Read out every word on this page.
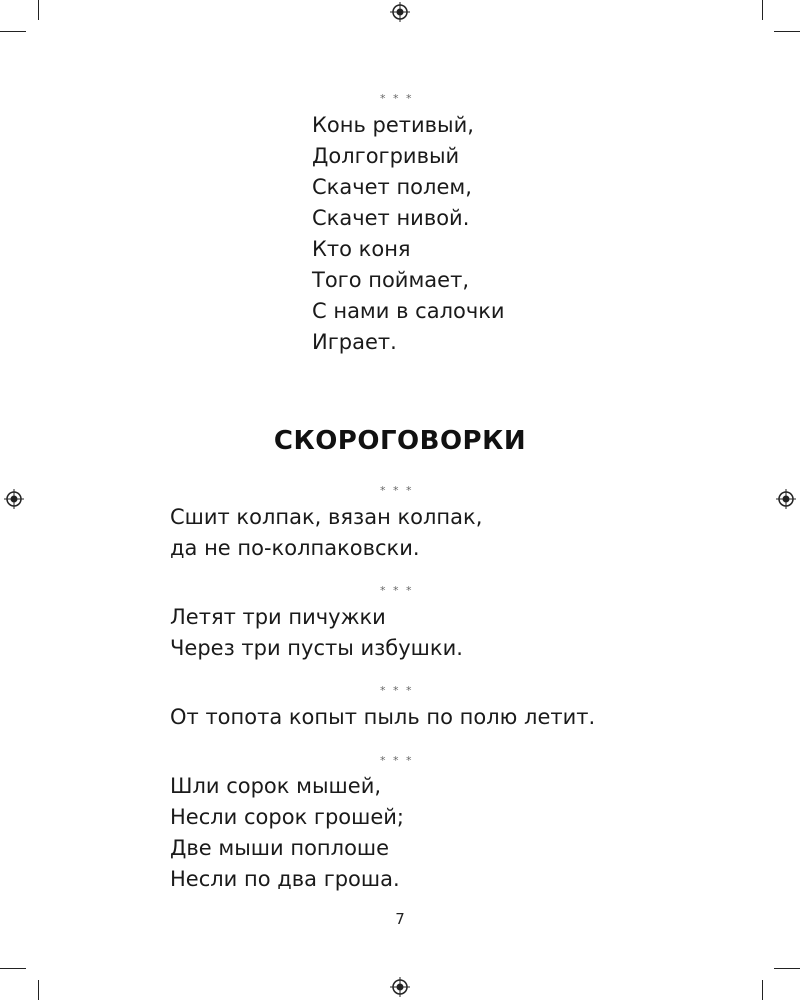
* * *
Конь ретивый,
Долгогривый
Скачет полем,
Скачет нивой.
Кто коня
Того поймает,
С нами в салочки
Играет.
СКОРОГОВОРКИ
* * *
Сшит колпак, вязан колпак,
да не по-колпаковски.
* * *
Летят три пичужки
Через три пусты избушки.
* * *
От топота копыт пыль по полю летит.
* * *
Шли сорок мышей,
Несли сорок грошей;
Две мыши поплоше
Несли по два гроша.
7
